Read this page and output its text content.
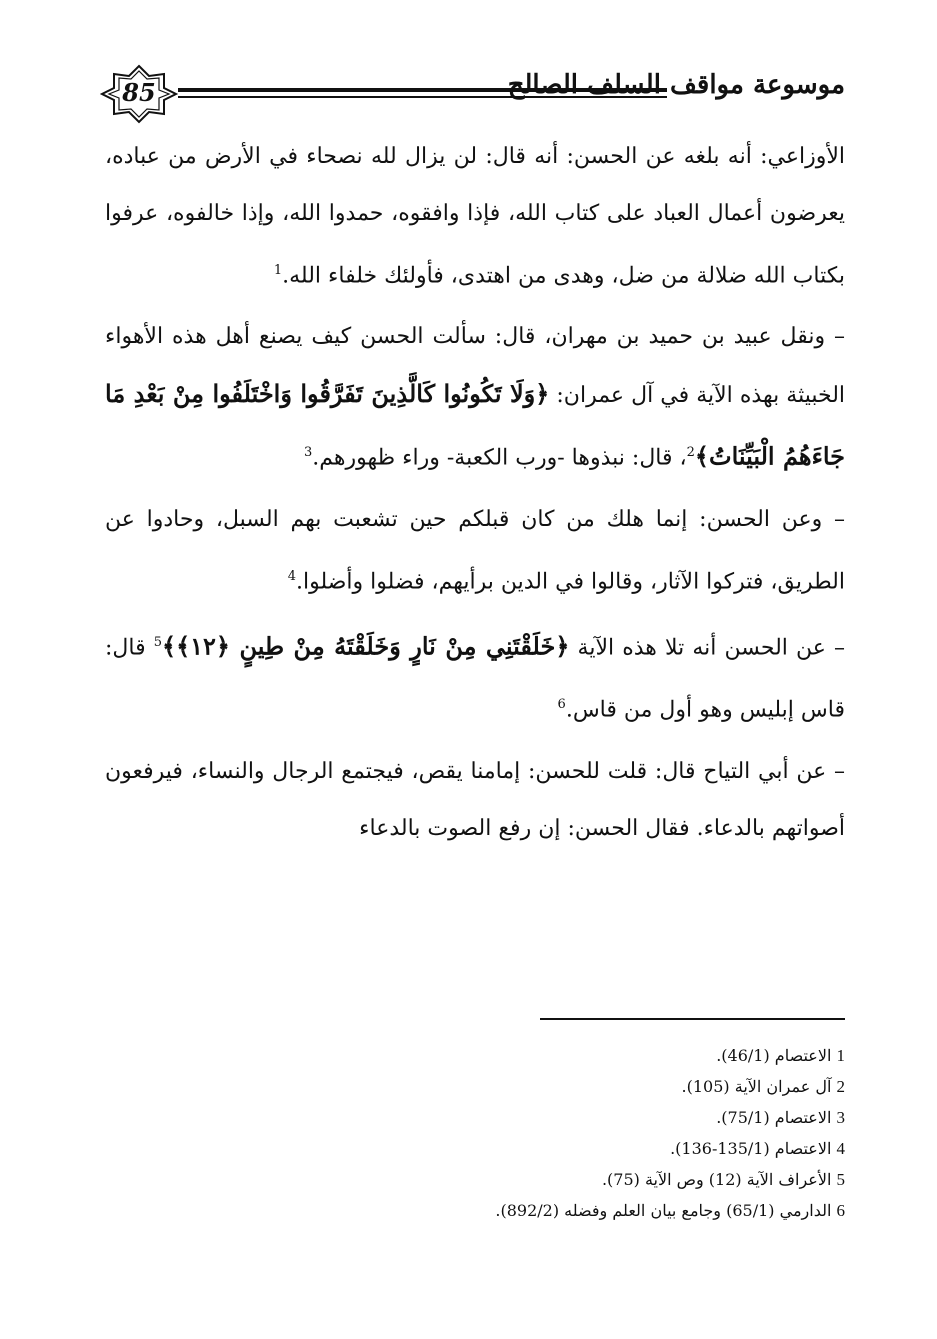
85	موسوعة مواقف السلف الصالح

الأوزاعي: أنه بلغه عن الحسن: أنه قال: لن يزال لله نصحاء في الأرض من عباده، يعرضون أعمال العباد على كتاب الله، فإذا وافقوه، حمدوا الله، وإذا خالفوه، عرفوا بكتاب الله ضلالة من ضل، وهدى من اهتدى، فأولئك خلفاء الله.$^1$

– ونقل عبيد بن حميد بن مهران، قال: سألت الحسن كيف يصنع أهل هذه الأهواء الخبيثة بهذه الآية في آل عمران: ﴿وَلَا تَكُونُوا كَالَّذِينَ تَفَرَّقُوا وَاخْتَلَفُوا مِنْ بَعْدِ مَا جَاءَهُمُ الْبَيِّنَاتُ﴾$^2$، قال: نبذوها -ورب الكعبة- وراء ظهورهم.$^3$

– وعن الحسن: إنما هلك من كان قبلكم حين تشعبت بهم السبل، وحادوا عن الطريق، فتركوا الآثار، وقالوا في الدين برأيهم، فضلوا وأضلوا.$^4$

– عن الحسن أنه تلا هذه الآية ﴿خَلَقْتَنِي مِنْ نَارٍ وَخَلَقْتَهُ مِنْ طِينٍ ﴿١٢﴾﴾$^5$ قال: قاس إبليس وهو أول من قاس.$^6$

– عن أبي التياح قال: قلت للحسن: إمامنا يقص، فيجتمع الرجال والنساء، فيرفعون أصواتهم بالدعاء. فقال الحسن: إن رفع الصوت بالدعاء

1 الاعتصام (46/1).

2 آل عمران الآية (105).

3 الاعتصام (75/1).

4 الاعتصام (135/1-136).

5 الأعراف الآية (12) وص الآية (75).

6 الدارمي (65/1) وجامع بيان العلم وفضله (892/2).
